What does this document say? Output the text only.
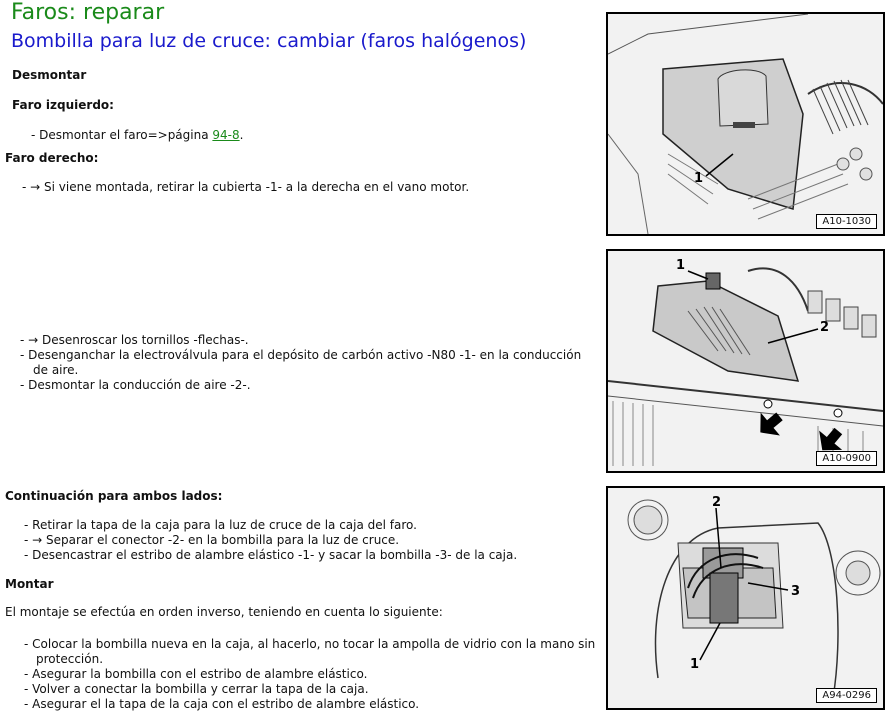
Faros: reparar
Bombilla para luz de cruce: cambiar (faros halógenos)
Desmontar
Faro izquierdo:
- Desmontar el faro=>página 94-8.
Faro derecho:
- → Si viene montada, retirar la cubierta -1- a la derecha en el vano motor.
- → Desenroscar los tornillos -flechas-.
- Desenganchar la electroválvula para el depósito de carbón activo -N80 -1- en la conducción
de aire.
- Desmontar la conducción de aire -2-.
Continuación para ambos lados:
- Retirar la tapa de la caja para la luz de cruce de la caja del faro.
- → Separar el conector -2- en la bombilla para la luz de cruce.
- Desencastrar el estribo de alambre elástico -1- y sacar la bombilla -3- de la caja.
Montar
El montaje se efectúa en orden inverso, teniendo en cuenta lo siguiente:
- Colocar la bombilla nueva en la caja, al hacerlo, no tocar la ampolla de vidrio con la mano sin
protección.
- Asegurar la bombilla con el estribo de alambre elástico.
- Volver a conectar la bombilla y cerrar la tapa de la caja.
- Asegurar el la tapa de la caja con el estribo de alambre elástico.
1
A10-1030
1
2
A10-0900
2
3
1
A94-0296
